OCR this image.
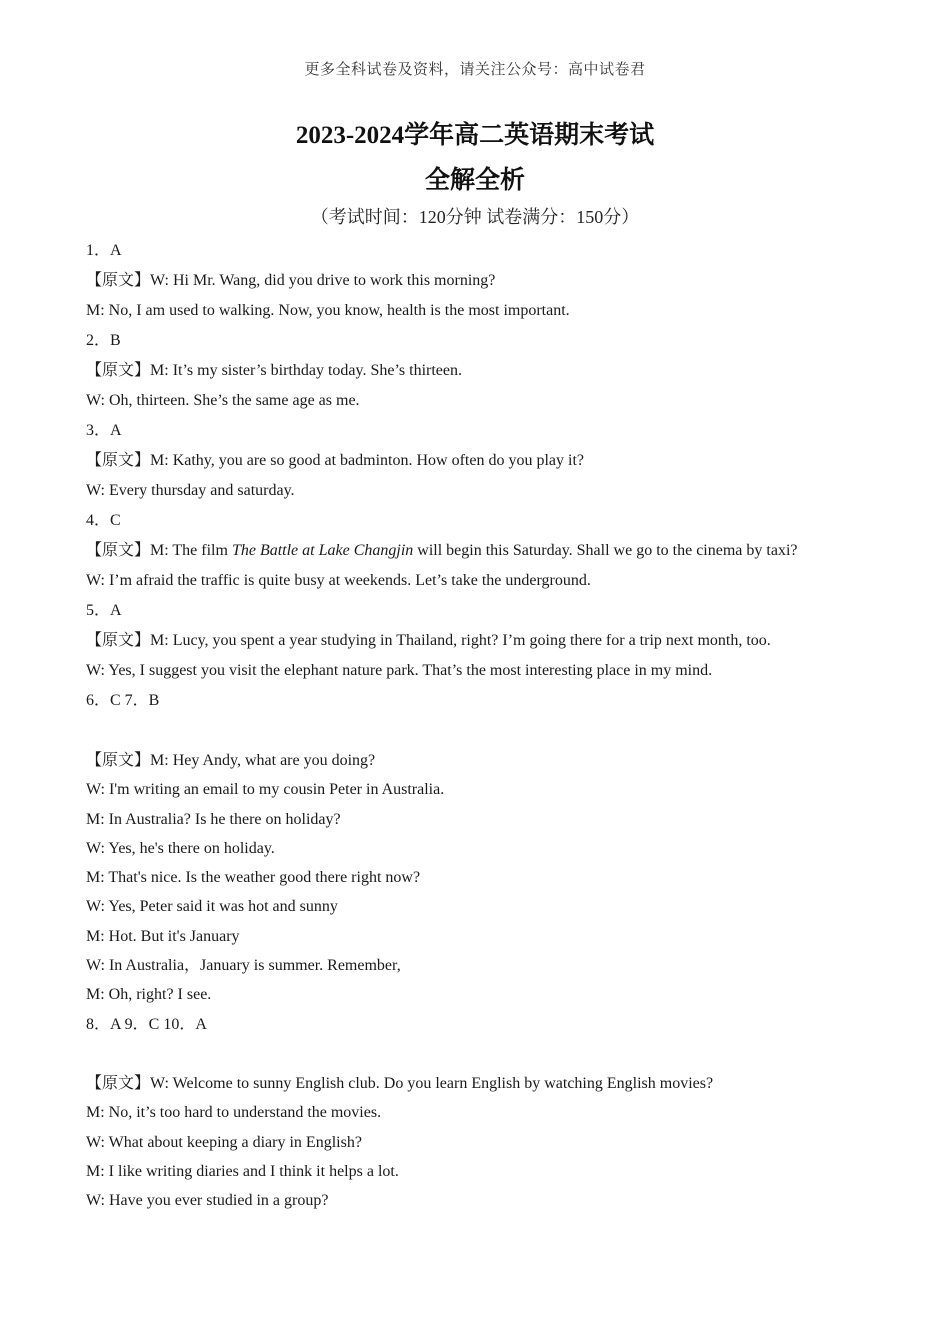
更多全科试卷及资料，请关注公众号：高中试卷君
2023-2024学年高二英语期末考试
全解全析
（考试时间：120分钟 试卷满分：150分）
1．A
【原文】W: Hi Mr. Wang, did you drive to work this morning?
M: No, I am used to walking. Now, you know, health is the most important.
2．B
【原文】M: It’s my sister’s birthday today. She’s thirteen.
W: Oh, thirteen. She’s the same age as me.
3．A
【原文】M: Kathy, you are so good at badminton. How often do you play it?
W: Every thursday and saturday.
4．C
【原文】M: The film The Battle at Lake Changjin will begin this Saturday. Shall we go to the cinema by taxi?
W: I’m afraid the traffic is quite busy at weekends. Let’s take the underground.
5．A
【原文】M: Lucy, you spent a year studying in Thailand, right? I’m going there for a trip next month, too.
W: Yes, I suggest you visit the elephant nature park. That’s the most interesting place in my mind.
6．C 7．B
【原文】M: Hey Andy, what are you doing?
W: I'm writing an email to my cousin Peter in Australia.
M: In Australia? Is he there on holiday?
W: Yes, he's there on holiday.
M: That's nice. Is the weather good there right now?
W: Yes, Peter said it was hot and sunny
M: Hot. But it's January
W: In Australia，January is summer. Remember,
M: Oh, right? I see.
8．A 9．C 10．A
【原文】W: Welcome to sunny English club. Do you learn English by watching English movies?
M: No, it’s too hard to understand the movies.
W: What about keeping a diary in English?
M: I like writing diaries and I think it helps a lot.
W: Have you ever studied in a group?
